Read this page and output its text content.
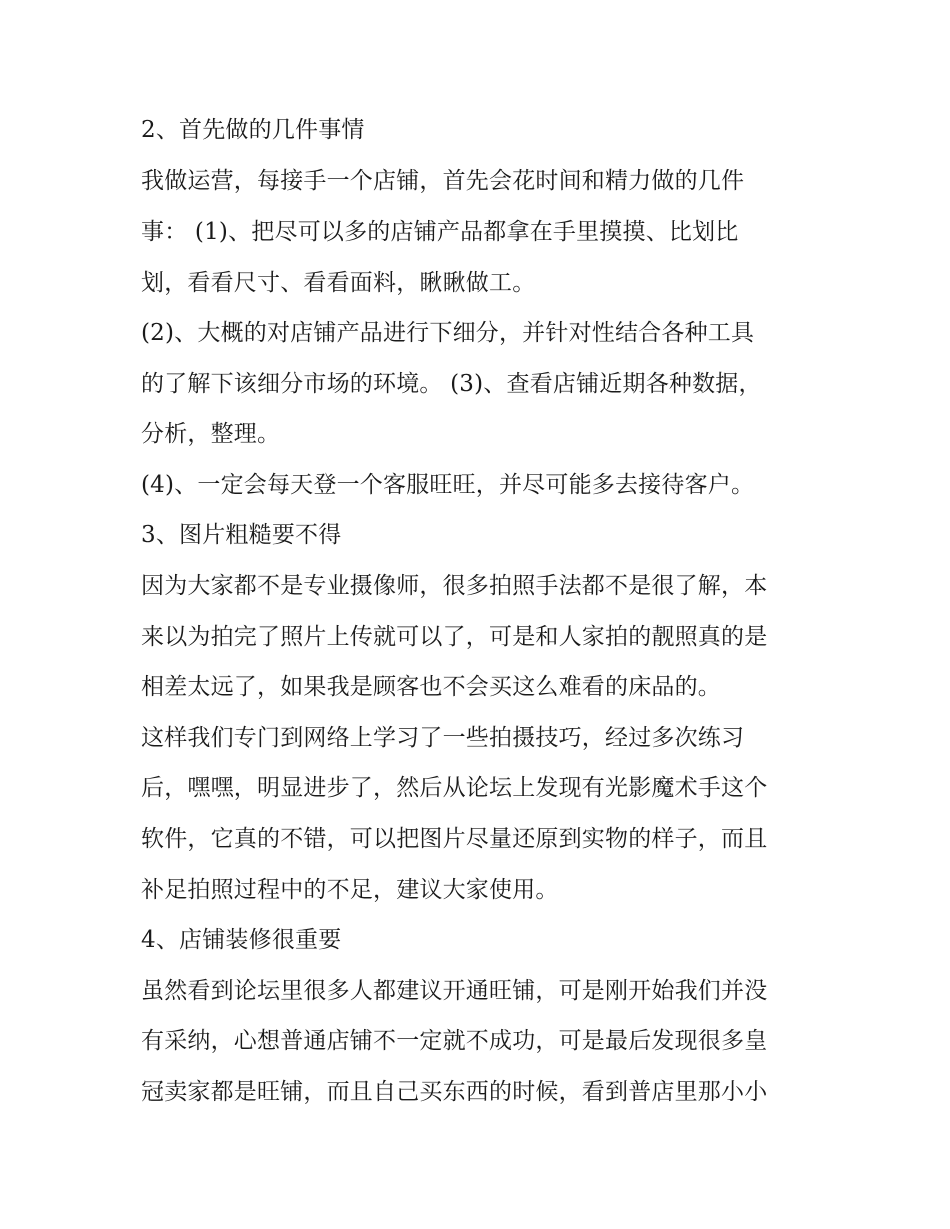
2、首先做的几件事情
我做运营，每接手一个店铺，首先会花时间和精力做的几件
事： (1)、把尽可以多的店铺产品都拿在手里摸摸、比划比
划，看看尺寸、看看面料，瞅瞅做工。
(2)、大概的对店铺产品进行下细分，并针对性结合各种工具
的了解下该细分市场的环境。 (3)、查看店铺近期各种数据，
分析，整理。
(4)、一定会每天登一个客服旺旺，并尽可能多去接待客户。
3、图片粗糙要不得
因为大家都不是专业摄像师，很多拍照手法都不是很了解，本
来以为拍完了照片上传就可以了，可是和人家拍的靓照真的是
相差太远了，如果我是顾客也不会买这么难看的床品的。
这样我们专门到网络上学习了一些拍摄技巧，经过多次练习
后，嘿嘿，明显进步了，然后从论坛上发现有光影魔术手这个
软件，它真的不错，可以把图片尽量还原到实物的样子，而且
补足拍照过程中的不足，建议大家使用。
4、店铺装修很重要
虽然看到论坛里很多人都建议开通旺铺，可是刚开始我们并没
有采纳，心想普通店铺不一定就不成功，可是最后发现很多皇
冠卖家都是旺铺，而且自己买东西的时候，看到普店里那小小
